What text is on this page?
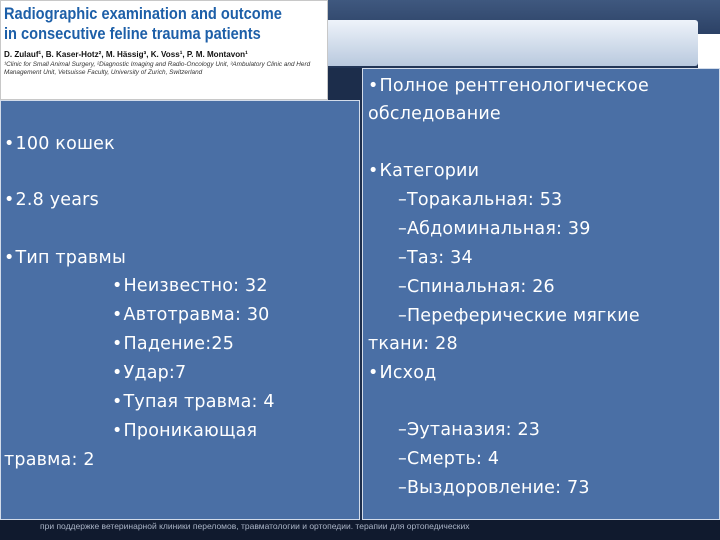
Radiographic examination and outcome
in consecutive feline trauma patients
D. Zulauf¹, B. Kaser-Hotz², M. Hässig³, K. Voss¹, P. M. Montavon¹
¹Clinic for Small Animal Surgery, ²Diagnostic Imaging and Radio-Oncology Unit, ³Ambulatory Clinic and Herd Management Unit, Vetsuisse Faculty, University of Zurich, Switzerland
• 100 кошек
• 2.8 years
• Тип травмы
• Неизвестно: 32
• Автотравма: 30
• Падение:25
• Удар:7
• Тупая травма: 4
• Проникающая
травма: 2
• Полное рентгенологическое
обследование
• Категории
–Торакальная: 53
–Абдоминальная: 39
–Таз: 34
–Спинальная: 26
–Переферические мягкие
ткани: 28
• Исход
–Эутаназия: 23
–Смерть: 4
–Выздоровление: 73
при поддержке ветеринарной клиники переломов, травматологии и ортопедии. терапии для ортопедических
